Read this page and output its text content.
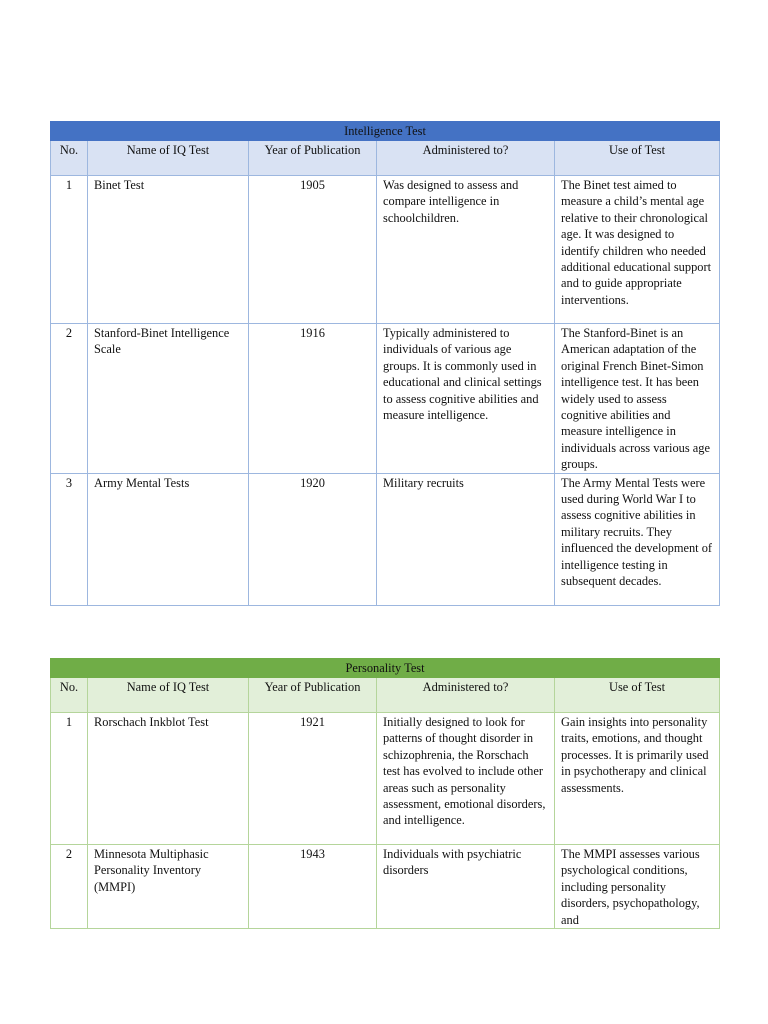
Intelligence Test				
No.	Name of IQ Test	Year of Publication	Administered to?	Use of Test
1	Binet Test	1905	Was designed to assess and compare intelligence in schoolchildren.	The Binet test aimed to measure a child’s mental age relative to their chronological age. It was designed to identify children who needed additional educational support and to guide appropriate interventions.
2	Stanford-Binet Intelligence Scale	1916	Typically administered to individuals of various age groups. It is commonly used in educational and clinical settings to assess cognitive abilities and measure intelligence.	The Stanford-Binet is an American adaptation of the original French Binet-Simon intelligence test. It has been widely used to assess cognitive abilities and measure intelligence in individuals across various age groups.
3	Army Mental Tests	1920	Military recruits	The Army Mental Tests were used during World War I to assess cognitive abilities in military recruits. They influenced the development of intelligence testing in subsequent decades.
Personality Test				
No.	Name of IQ Test	Year of Publication	Administered to?	Use of Test
1	Rorschach Inkblot Test	1921	Initially designed to look for patterns of thought disorder in schizophrenia, the Rorschach test has evolved to include other areas such as personality assessment, emotional disorders, and intelligence.	Gain insights into personality traits, emotions, and thought processes. It is primarily used in psychotherapy and clinical assessments.
2	Minnesota Multiphasic Personality Inventory (MMPI)	1943	Individuals with psychiatric disorders	The MMPI assesses various psychological conditions, including personality disorders, psychopathology, and
